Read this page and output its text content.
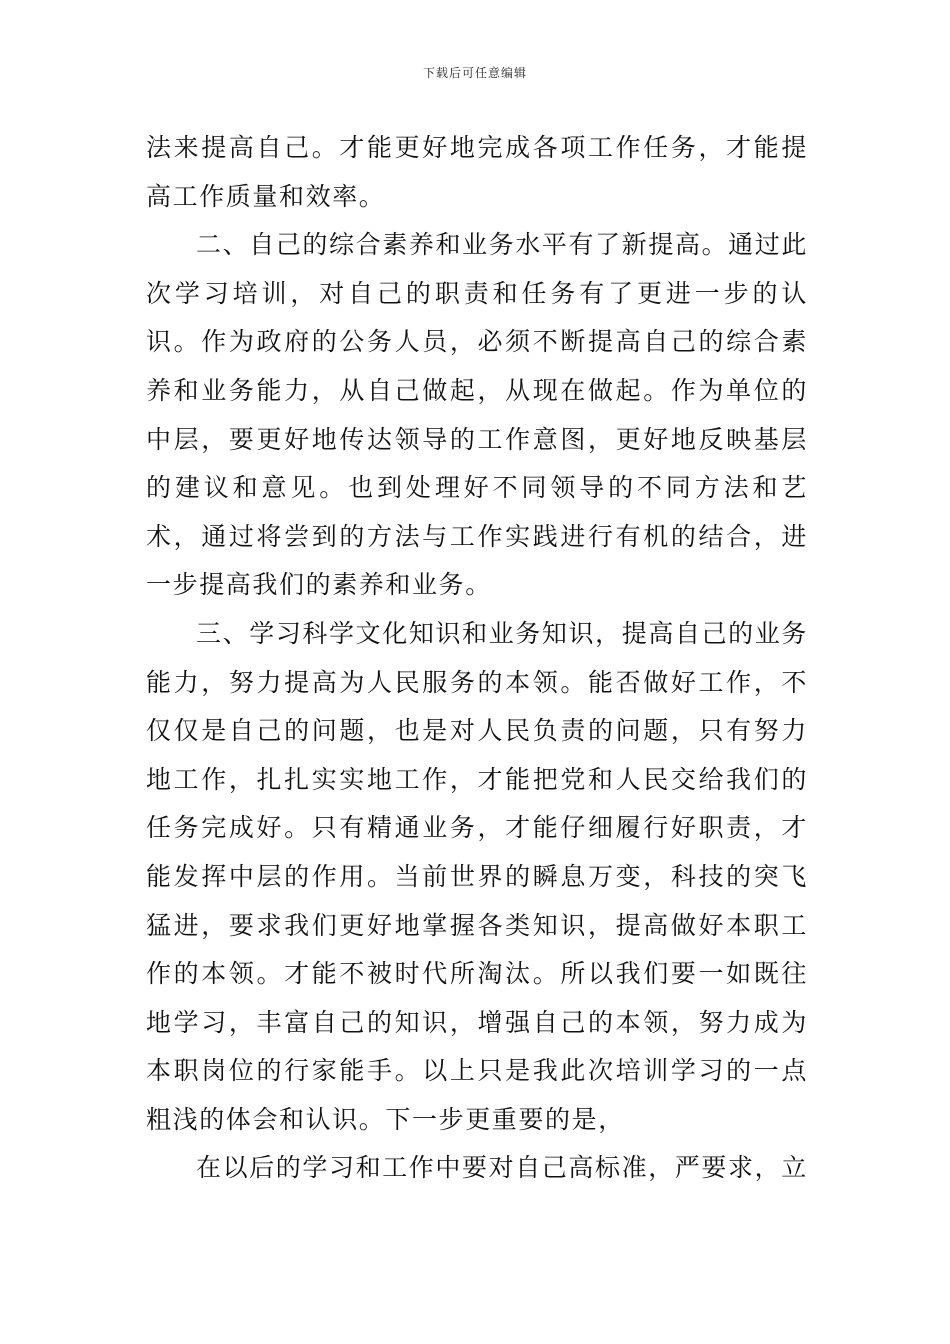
下载后可任意编辑

法来提高自己。才能更好地完成各项工作任务，才能提高工作质量和效率。

二、自己的综合素养和业务水平有了新提高。通过此次学习培训，对自己的职责和任务有了更进一步的认识。作为政府的公务人员，必须不断提高自己的综合素养和业务能力，从自己做起，从现在做起。作为单位的中层，要更好地传达领导的工作意图，更好地反映基层的建议和意见。也到处理好不同领导的不同方法和艺术，通过将尝到的方法与工作实践进行有机的结合，进一步提高我们的素养和业务。

三、学习科学文化知识和业务知识，提高自己的业务能力，努力提高为人民服务的本领。能否做好工作，不仅仅是自己的问题，也是对人民负责的问题，只有努力地工作，扎扎实实地工作，才能把党和人民交给我们的任务完成好。只有精通业务，才能仔细履行好职责，才能发挥中层的作用。当前世界的瞬息万变，科技的突飞猛进，要求我们更好地掌握各类知识，提高做好本职工作的本领。才能不被时代所淘汰。所以我们要一如既往地学习，丰富自己的知识，增强自己的本领，努力成为本职岗位的行家能手。以上只是我此次培训学习的一点粗浅的体会和认识。下一步更重要的是，

在以后的学习和工作中要对自己高标准，严要求，立
